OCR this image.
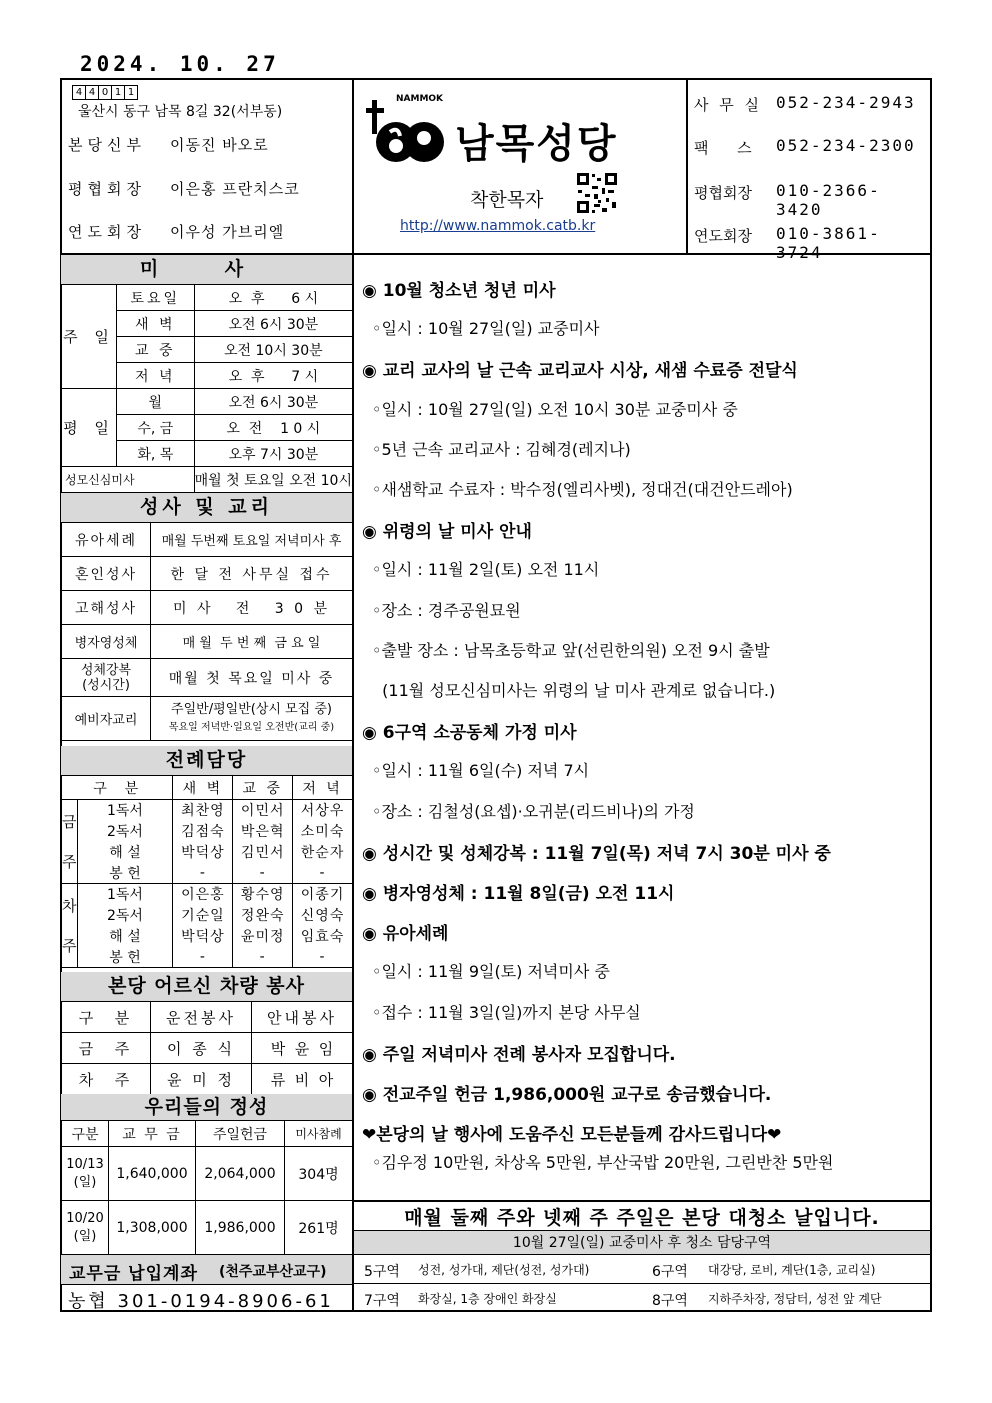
2024. 10. 27
4 4 0 1 1
울산시 동구 남목 8길 32(서부동)
본당신부 이동진 바오로
평협회장 이은홍 프란치스코
연도회장 이우성 가브리엘
NAMMOK
남목성당
착한목자
http://www.nammok.catb.kr
사 무 실 052-234-2943
팩      스 052-234-2300
평협회장 010-2366-3420
연도회장 010-3861-3724
미 사
주 일	토요일	오  후      6 시
	새 벽	오전 6시 30분
	교 중	오전 10시 30분
	저 녁	오  후      7 시
평 일	월	오전 6시 30분
	수, 금	오  전    1 0 시
	화, 목	오후 7시 30분
성모신심미사		매월 첫 토요일 오전 10시
성사 및 교리
유아세례	매월 두번째 토요일 저녁미사 후
혼인성사	한 달 전 사무실 접수
고해성사	미 사   전   3 0 분
병자영성체	매 월  두 번 째  금 요 일

성체강복
(성시간)	매월 첫 목요일 미사 중
예비자교리	주일반/평일반(상시 모집 중)
목요일 저녁반·일요일 오전반(교리 중)
전례담당
구  분		새 벽	교 중	저 녁
금주	1독서	최찬영	이민서	서상우
	2독서	김점숙	박은혁	소미숙
	해 설	박덕상	김민서	한순자
	봉 헌	-	-	-
차주	1독서	이은홍	황수영	이종기
	2독서	기순일	정완숙	신영숙
	해 설	박덕상	윤미정	임효숙
	봉 헌	-	-	-
본당 어르신 차량 봉사
구  분	운전봉사	안내봉사
금  주	이 종 식	박  윤  임
차  주	윤 미 정	류  비  아
우리들의 정성
구분	교 무 금	주일헌금	미사참례

10/13
(일)	1,640,000	2,064,000	304명

10/20
(일)	1,308,000	1,986,000	261명
교무금 납입계좌 (천주교부산교구)
농협 301-0194-8906-61
◉ 10월 청소년 청년 미사
◦일시 : 10월 27일(일) 교중미사
◉ 교리 교사의 날 근속 교리교사 시상, 새샘 수료증 전달식
◦일시 : 10월 27일(일) 오전 10시 30분 교중미사 중
◦5년 근속 교리교사 : 김혜경(레지나)
◦새샘학교 수료자 : 박수정(엘리사벳), 정대건(대건안드레아)
◉ 위령의 날 미사 안내
◦일시 : 11월 2일(토) 오전 11시
◦장소 : 경주공원묘원
◦출발 장소 : 남목초등학교 앞(선린한의원) 오전 9시 출발
(11월 성모신심미사는 위령의 날 미사 관계로 없습니다.)
◉ 6구역 소공동체 가정 미사
◦일시 : 11월 6일(수) 저녁 7시
◦장소 : 김철성(요셉)·오귀분(리드비나)의 가정
◉ 성시간 및 성체강복 : 11월 7일(목) 저녁 7시 30분 미사 중
◉ 병자영성체 : 11월 8일(금) 오전 11시
◉ 유아세례
◦일시 : 11월 9일(토) 저녁미사 중
◦접수 : 11월 3일(일)까지 본당 사무실
◉ 주일 저녁미사 전례 봉사자 모집합니다.
◉ 전교주일 헌금 1,986,000원 교구로 송금했습니다.
❤본당의 날 행사에 도움주신 모든분들께 감사드립니다❤
◦김우정 10만원, 차상옥 5만원, 부산국밥 20만원, 그린반찬 5만원
매월 둘째 주와 넷째 주 주일은 본당 대청소 날입니다.
10월 27일(일) 교중미사 후 청소 담당구역
5구역 성전, 성가대, 제단(성전, 성가대)	6구역 대강당, 로비, 계단(1층, 교리실)
7구역 화장실, 1층 장애인 화장실	8구역 지하주차장, 정담터, 성전 앞 계단
